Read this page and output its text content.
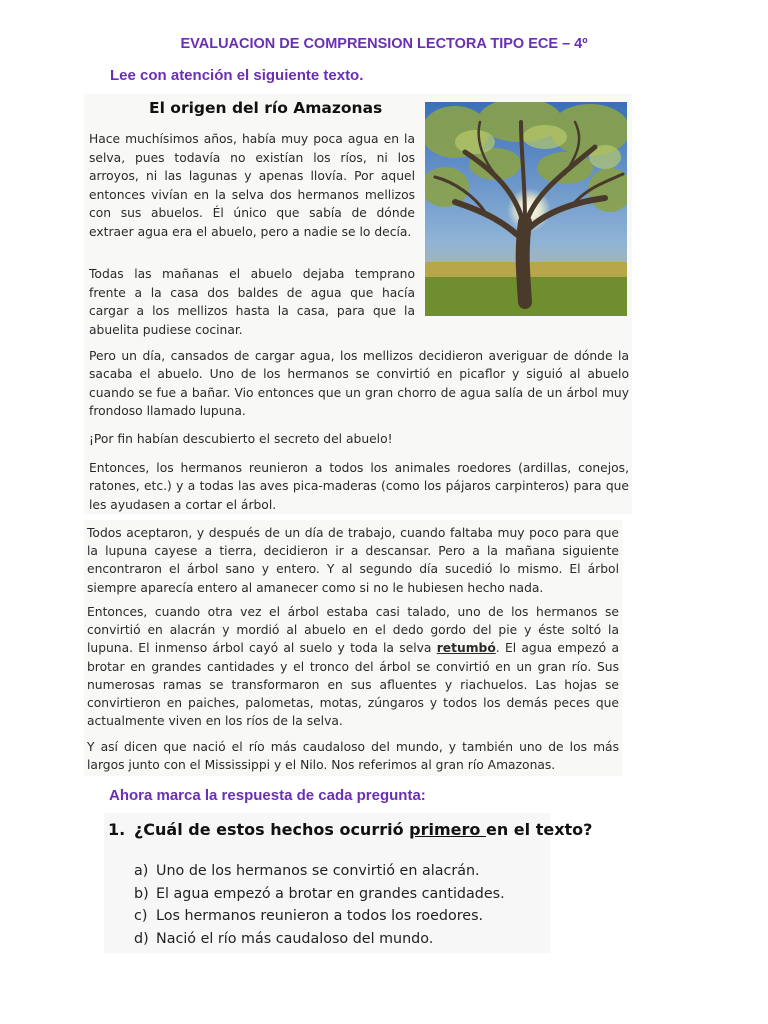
EVALUACION DE COMPRENSION LECTORA TIPO ECE – 4º
Lee con atención el siguiente texto.
El origen del río Amazonas

Hace muchísimos años, había muy poca agua en la selva, pues todavía no existían los ríos, ni los arroyos, ni las lagunas y apenas llovía. Por aquel entonces vivían en la selva dos hermanos mellizos con sus abuelos. Él único que sabía de dónde extraer agua era el abuelo, pero a nadie se lo decía.

Todas las mañanas el abuelo dejaba temprano frente a la casa dos baldes de agua que hacía cargar a los mellizos hasta la casa, para que la abuelita pudiese cocinar.

Pero un día, cansados de cargar agua, los mellizos decidieron averiguar de dónde la sacaba el abuelo. Uno de los hermanos se convirtió en picaflor y siguió al abuelo cuando se fue a bañar. Vio entonces que un gran chorro de agua salía de un árbol muy frondoso llamado lupuna.

¡Por fin habían descubierto el secreto del abuelo!

Entonces, los hermanos reunieron a todos los animales roedores (ardillas, conejos, ratones, etc.) y a todas las aves pica-maderas (como los pájaros carpinteros) para que les ayudasen a cortar el árbol.

Todos aceptaron, y después de un día de trabajo, cuando faltaba muy poco para que la lupuna cayese a tierra, decidieron ir a descansar. Pero a la mañana siguiente encontraron el árbol sano y entero. Y al segundo día sucedió lo mismo. El árbol siempre aparecía entero al amanecer como si no le hubiesen hecho nada.

Entonces, cuando otra vez el árbol estaba casi talado, uno de los hermanos se convirtió en alacrán y mordió al abuelo en el dedo gordo del pie y éste soltó la lupuna. El inmenso árbol cayó al suelo y toda la selva retumbó. El agua empezó a brotar en grandes cantidades y el tronco del árbol se convirtió en un gran río. Sus numerosas ramas se transformaron en sus afluentes y riachuelos. Las hojas se convirtieron en paiches, palometas, motas, zúngaros y todos los demás peces que actualmente viven en los ríos de la selva.

Y así dicen que nació el río más caudaloso del mundo, y también uno de los más largos junto con el Mississippi y el Nilo. Nos referimos al gran río Amazonas.

Ahora marca la respuesta de cada pregunta:
1. ¿Cuál de estos hechos ocurrió primero en el texto?
a) Uno de los hermanos se convirtió en alacrán.
b) El agua empezó a brotar en grandes cantidades.
c) Los hermanos reunieron a todos los roedores.
d) Nació el río más caudaloso del mundo.
